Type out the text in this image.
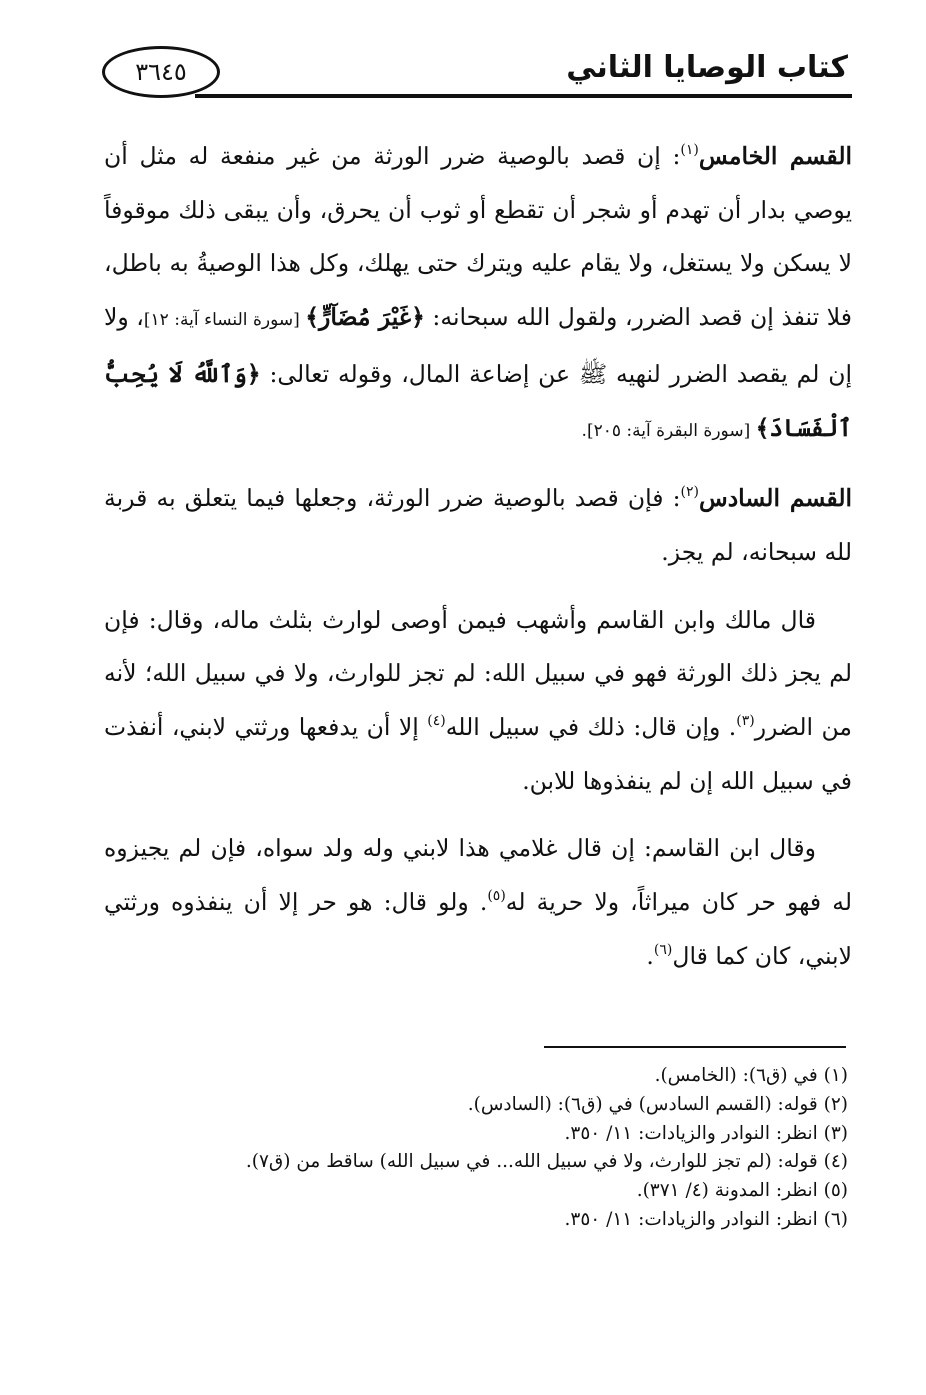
كتاب الوصايا الثاني
٣٦٤٥

القسم الخامس$^{(١)}$: إن قصد بالوصية ضرر الورثة من غير منفعة له مثل أن يوصي بدار أن تهدم أو شجر أن تقطع أو ثوب أن يحرق، وأن يبقى ذلك موقوفاً لا يسكن ولا يستغل، ولا يقام عليه ويترك حتى يهلك، وكل هذا الوصيةُ به باطل، فلا تنفذ إن قصد الضرر، ولقول الله سبحانه: ﴿غَيْرَ مُضَآرٍّ﴾ [سورة النساء آية: ١٢]، ولا إن لم يقصد الضرر لنهيه ﷺ عن إضاعة المال، وقوله تعالى: ﴿وَٱللَّهُ لَا يُحِبُّ ٱلْفَسَادَ﴾ [سورة البقرة آية: ٢٠٥].

القسم السادس$^{(٢)}$: فإن قصد بالوصية ضرر الورثة، وجعلها فيما يتعلق به قربة لله سبحانه، لم يجز.

قال مالك وابن القاسم وأشهب فيمن أوصى لوارث بثلث ماله، وقال: فإن لم يجز ذلك الورثة فهو في سبيل الله: لم تجز للوارث، ولا في سبيل الله؛ لأنه من الضرر$^{(٣)}$. وإن قال: ذلك في سبيل الله$^{(٤)}$ إلا أن يدفعها ورثتي لابني، أنفذت في سبيل الله إن لم ينفذوها للابن.

وقال ابن القاسم: إن قال غلامي هذا لابني وله ولد سواه، فإن لم يجيزوه له فهو حر كان ميراثاً، ولا حرية له$^{(٥)}$. ولو قال: هو حر إلا أن ينفذوه ورثتي لابني، كان كما قال$^{(٦)}$.

(١) في (ق٦): (الخامس).

(٢) قوله: (القسم السادس) في (ق٦): (السادس).

(٣) انظر: النوادر والزيادات: ١١/ ٣٥٠.

(٤) قوله: (لم تجز للوارث، ولا في سبيل الله... في سبيل الله) ساقط من (ق٧).

(٥) انظر: المدونة (٤/ ٣٧١).

(٦) انظر: النوادر والزيادات: ١١/ ٣٥٠.
